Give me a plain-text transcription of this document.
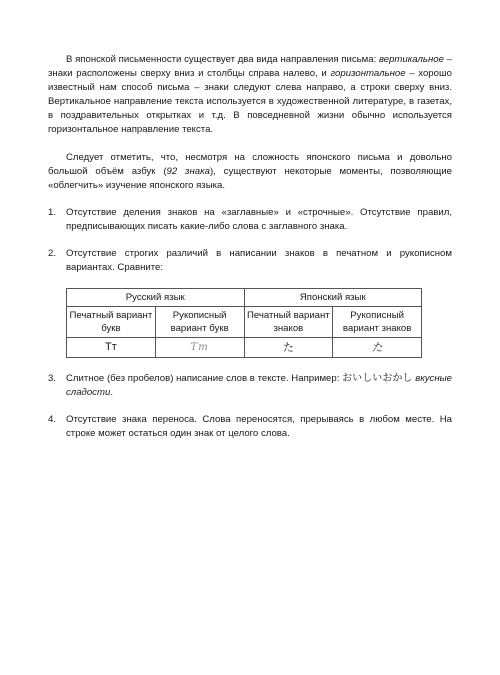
В японской письменности существует два вида направления письма: вертикальное – знаки расположены сверху вниз и столбцы справа налево, и горизонтальное – хорошо известный нам способ письма – знаки следуют слева направо, а строки сверху вниз. Вертикальное направление текста используется в художественной литературе, в газетах, в поздравительных открытках и т.д. В повседневной жизни обычно используется горизонтальное направление текста.

Следует отметить, что, несмотря на сложность японского письма и довольно большой объём азбук (92 знака), существуют некоторые моменты, позволяющие «облегчить» изучение японского языка.

1. Отсутствие деления знаков на «заглавные» и «строчные». Отсутствие правил, предписывающих писать какие-либо слова с заглавного знака.
2. Отсутствие строгих различий в написании знаков в печатном и рукописном вариантах. Сравните:
Русский язык		Японский язык	
Печатный вариант букв	Рукописный вариант букв	Печатный вариант знаков	Рукописный вариант знаков
Тт	Тт	た	た
3. Слитное (без пробелов) написание слов в тексте. Например: おいしいおかし вкусные сладости.
4. Отсутствие знака переноса. Слова переносятся, прерываясь в любом месте. На строке может остаться один знак от целого слова.
